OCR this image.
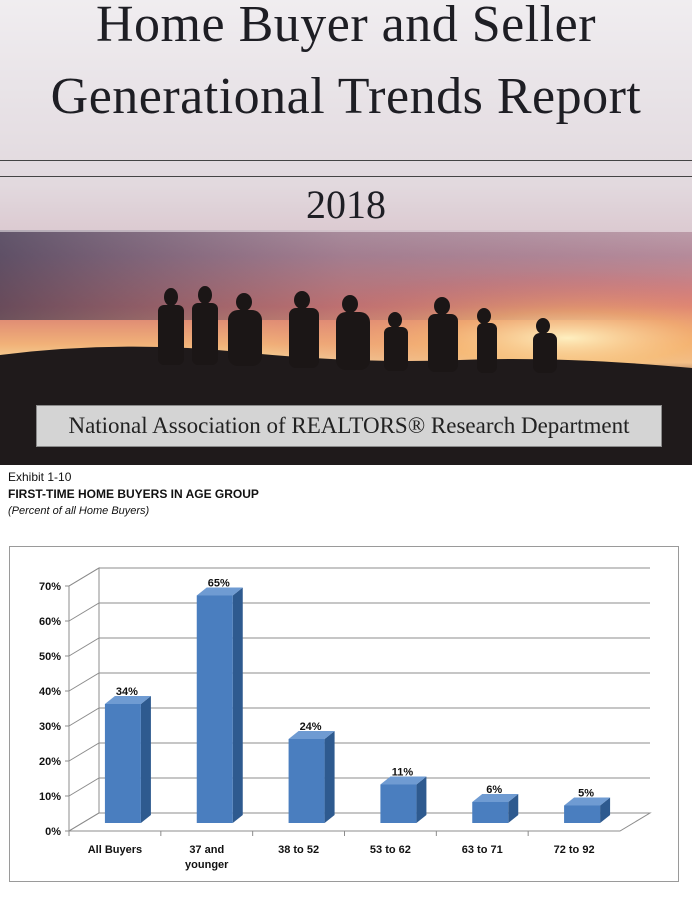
Home Buyer and Seller
Generational Trends Report
2018
National Association of REALTORS® Research Department
Exhibit 1-10
FIRST-TIME HOME BUYERS IN AGE GROUP
(Percent of all Home Buyers)
0%
10%
20%
30%
40%
50%
60%
70%
34%
All Buyers
65%
37 and
younger
24%
38 to 52
11%
53 to 62
6%
63 to 71
5%
72 to 92
